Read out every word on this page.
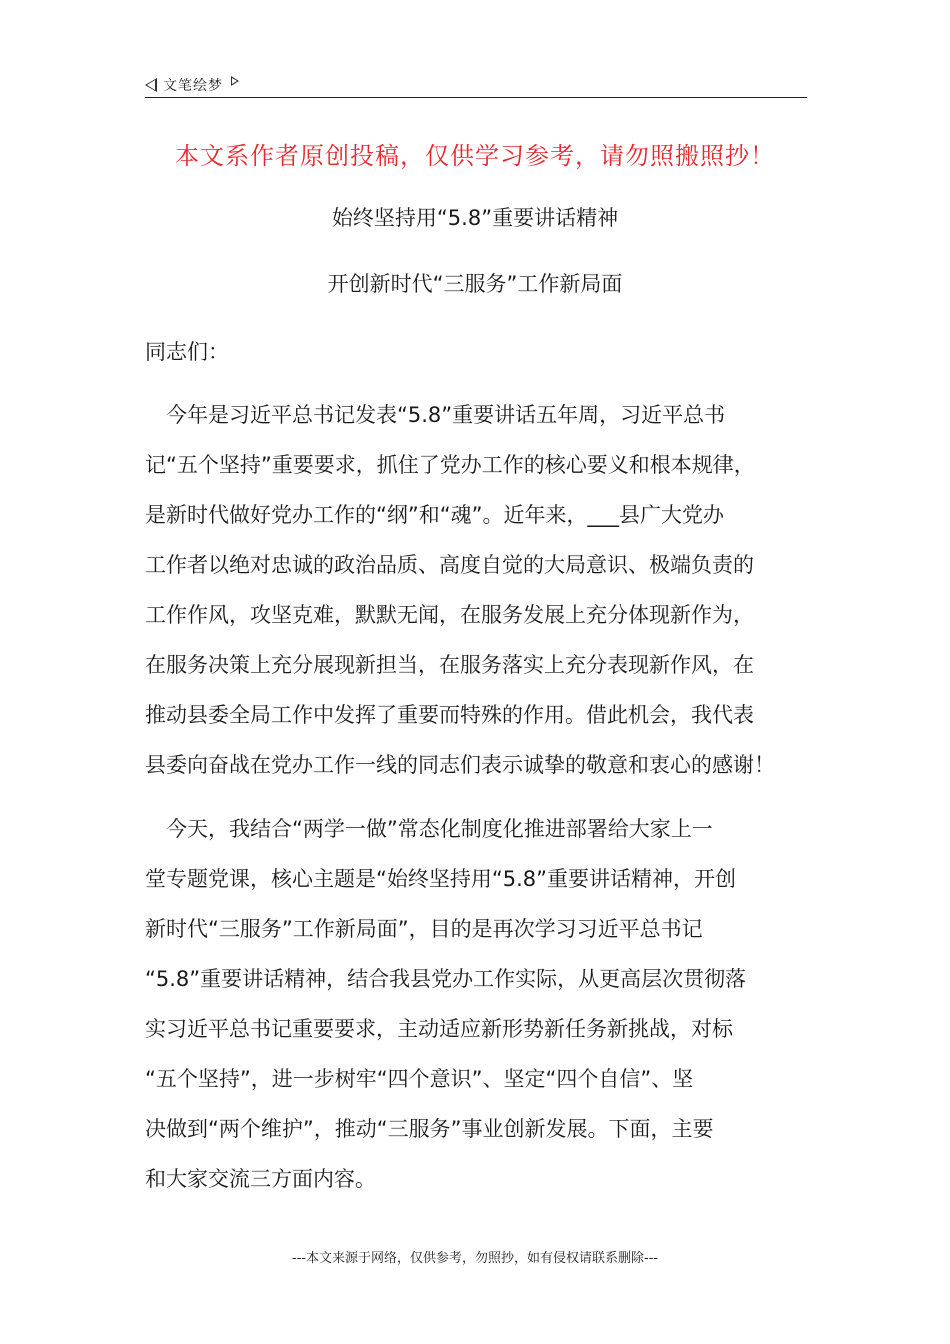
文笔绘梦
本文系作者原创投稿，仅供学习参考，请勿照搬照抄！
始终坚持用“5.8”重要讲话精神
开创新时代“三服务”工作新局面
同志们：
　今年是习近平总书记发表“5.8”重要讲话五年周，习近平总书
记“五个坚持”重要要求，抓住了党办工作的核心要义和根本规律，
是新时代做好党办工作的“纲”和“魂”。近年来，___县广大党办
工作者以绝对忠诚的政治品质、高度自觉的大局意识、极端负责的
工作作风，攻坚克难，默默无闻，在服务发展上充分体现新作为，
在服务决策上充分展现新担当，在服务落实上充分表现新作风，在
推动县委全局工作中发挥了重要而特殊的作用。借此机会，我代表
县委向奋战在党办工作一线的同志们表示诚挚的敬意和衷心的感谢！
　今天，我结合“两学一做”常态化制度化推进部署给大家上一
堂专题党课，核心主题是“始终坚持用“5.8”重要讲话精神，开创
新时代“三服务”工作新局面”，目的是再次学习习近平总书记
“5.8”重要讲话精神，结合我县党办工作实际，从更高层次贯彻落
实习近平总书记重要要求，主动适应新形势新任务新挑战，对标
“五个坚持”，进一步树牢“四个意识”、坚定“四个自信”、坚
决做到“两个维护”，推动“三服务”事业创新发展。下面，主要
和大家交流三方面内容。
---本文来源于网络，仅供参考，勿照抄，如有侵权请联系删除---
